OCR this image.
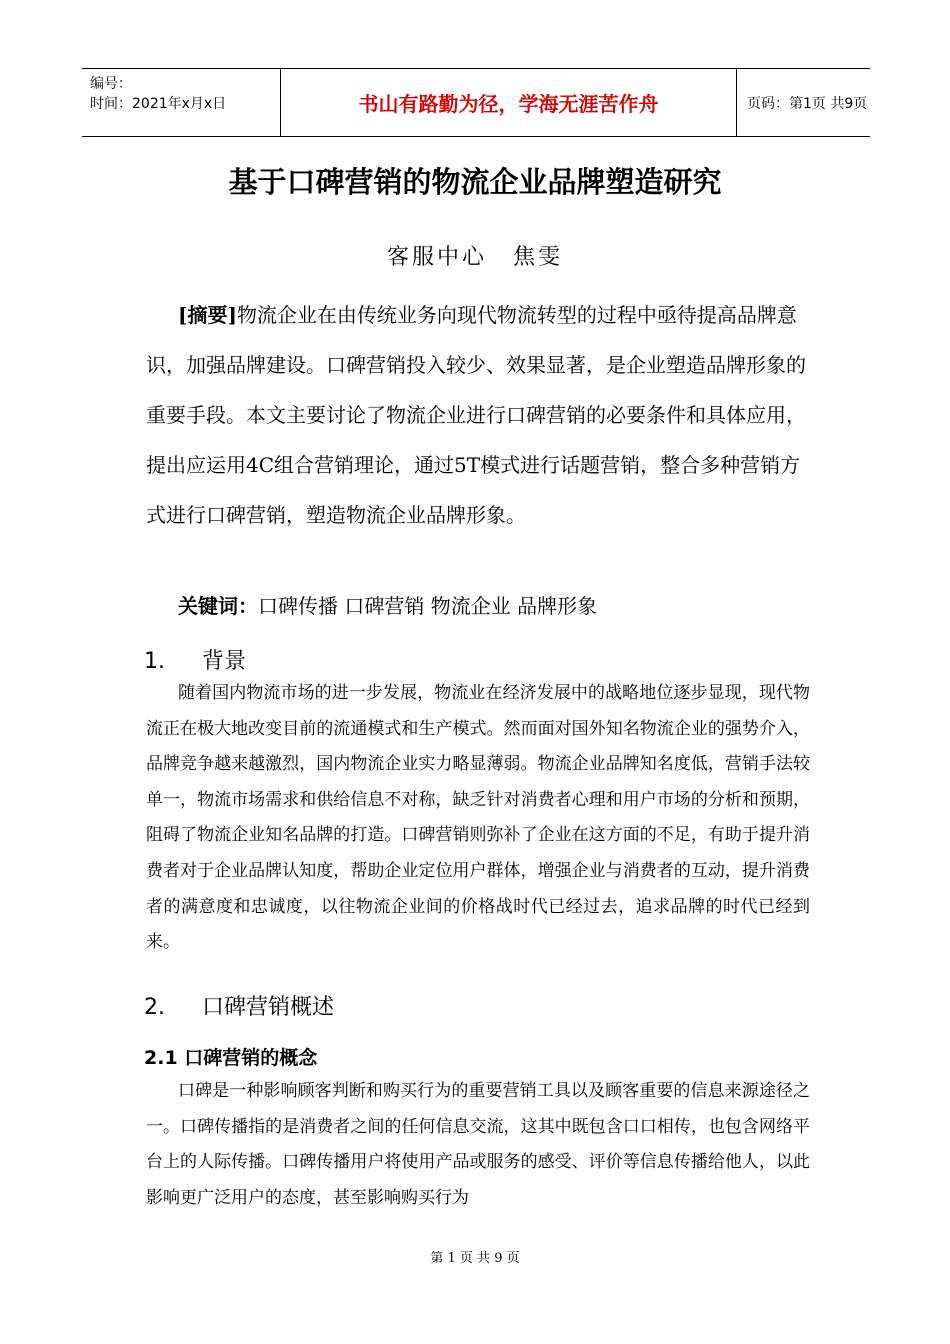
编号：
时间：2021年x月x日	书山有路勤为径，学海无涯苦作舟	页码：第1页 共9页
基于口碑营销的物流企业品牌塑造研究
客服中心 焦雯

[摘要]物流企业在由传统业务向现代物流转型的过程中亟待提高品牌意识，加强品牌建设。口碑营销投入较少、效果显著，是企业塑造品牌形象的重要手段。本文主要讨论了物流企业进行口碑营销的必要条件和具体应用，提出应运用4C组合营销理论，通过5T模式进行话题营销，整合多种营销方式进行口碑营销，塑造物流企业品牌形象。

关键词：口碑传播 口碑营销 物流企业 品牌形象
1. 背景

随着国内物流市场的进一步发展，物流业在经济发展中的战略地位逐步显现，现代物流正在极大地改变目前的流通模式和生产模式。然而面对国外知名物流企业的强势介入，品牌竞争越来越激烈，国内物流企业实力略显薄弱。物流企业品牌知名度低，营销手法较单一，物流市场需求和供给信息不对称，缺乏针对消费者心理和用户市场的分析和预期，阻碍了物流企业知名品牌的打造。口碑营销则弥补了企业在这方面的不足，有助于提升消费者对于企业品牌认知度，帮助企业定位用户群体，增强企业与消费者的互动，提升消费者的满意度和忠诚度，以往物流企业间的价格战时代已经过去，追求品牌的时代已经到来。

2. 口碑营销概述
2.1 口碑营销的概念

口碑是一种影响顾客判断和购买行为的重要营销工具以及顾客重要的信息来源途径之一。口碑传播指的是消费者之间的任何信息交流，这其中既包含口口相传，也包含网络平台上的人际传播。口碑传播用户将使用产品或服务的感受、评价等信息传播给他人，以此影响更广泛用户的态度，甚至影响购买行为

第 1 页 共 9 页
